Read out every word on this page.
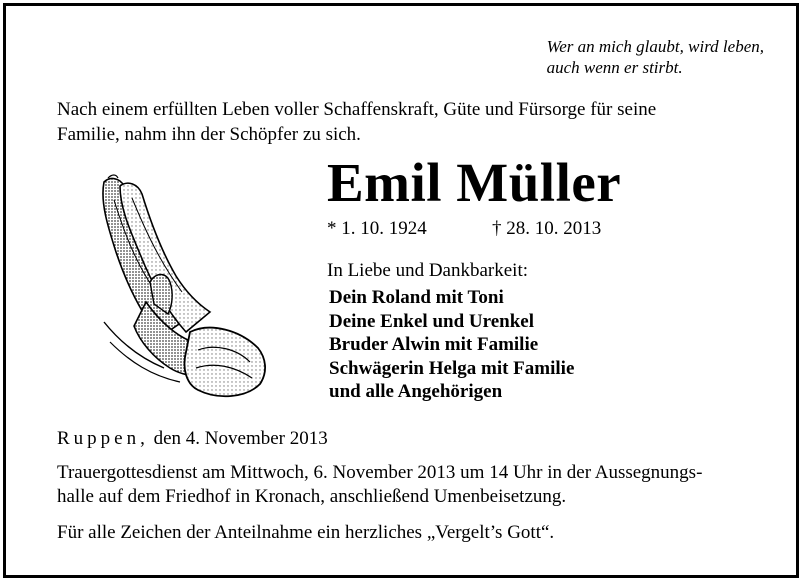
Wer an mich glaubt, wird leben,
auch wenn er stirbt.
Nach einem erfüllten Leben voller Schaffenskraft, Güte und Fürsorge für seine
Familie, nahm ihn der Schöpfer zu sich.
Emil Müller
* 1. 10. 1924	† 28. 10. 2013
In Liebe und Dankbarkeit:
Dein Roland mit Toni
Deine Enkel und Urenkel
Bruder Alwin mit Familie
Schwägerin Helga mit Familie
und alle Angehörigen
Ruppen, den 4. November 2013
Trauergottesdienst am Mittwoch, 6. November 2013 um 14 Uhr in der Aussegnungs-
halle auf dem Friedhof in Kronach, anschließend Umenbeisetzung.
Für alle Zeichen der Anteilnahme ein herzliches „Vergelt’s Gott“.
